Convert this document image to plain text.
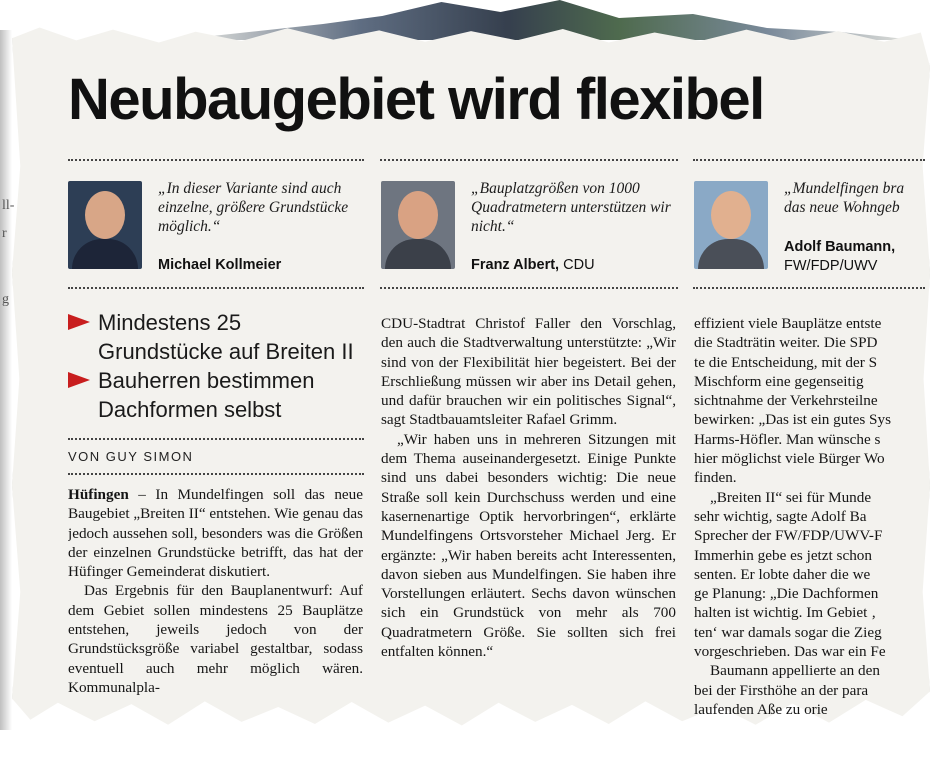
ll-
r
g
Neubaugebiet wird flexibel
„In dieser Variante sind auch einzelne, größere Grundstücke möglich.“
Michael Kollmeier
„Bauplatzgrößen von 1000 Quadratmetern unterstützen wir nicht.“
Franz Albert, CDU
„Mundelfingen bra das neue Wohngeb
Adolf Baumann,
FW/FDP/UWV
Mindestens 25 Grundstücke auf Breiten II
Bauherren bestimmen Dachformen selbst
VON GUY SIMON

Hüfingen – In Mundelfingen soll das neue Baugebiet „Breiten II“ entstehen. Wie genau das jedoch aussehen soll, besonders was die Größen der einzelnen Grundstücke betrifft, das hat der Hüfinger Gemeinderat diskutiert.

Das Ergebnis für den Bauplanentwurf: Auf dem Gebiet sollen mindestens 25 Bauplätze entstehen, jeweils jedoch von der Grundstücksgröße variabel gestaltbar, sodass eventuell auch mehr möglich wären. Kommunalpla-

CDU-Stadtrat Christof Faller den Vorschlag, den auch die Stadtverwaltung unterstützte: „Wir sind von der Flexibilität hier begeistert. Bei der Erschließung müssen wir aber ins Detail gehen, und dafür brauchen wir ein politisches Signal“, sagt Stadtbauamtsleiter Rafael Grimm.

„Wir haben uns in mehreren Sitzungen mit dem Thema auseinandergesetzt. Einige Punkte sind uns dabei besonders wichtig: Die neue Straße soll kein Durchschuss werden und eine kasernenartige Optik hervorbringen“, erklärte Mundelfingens Ortsvorsteher Michael Jerg. Er ergänzte: „Wir haben bereits acht Interessenten, davon sieben aus Mundelfingen. Sie haben ihre Vorstellungen erläutert. Sechs davon wünschen sich ein Grundstück von mehr als 700 Quadratmetern Größe. Sie sollten sich frei entfalten können.“

effizient viele Bauplätze entste
die Stadträtin weiter. Die SPD
te die Entscheidung, mit der S
Mischform eine gegenseitig
sichtnahme der Verkehrsteilne
bewirken: „Das ist ein gutes Sys
Harms-Höfler. Man wünsche s
hier möglichst viele Bürger Wo
finden.
„Breiten II“ sei für Munde
sehr wichtig, sagte Adolf Ba
Sprecher der FW/FDP/UWV-F
Immerhin gebe es jetzt schon
senten. Er lobte daher die we
ge Planung: „Die Dachformen
halten ist wichtig. Im Gebiet ‚
ten‘ war damals sogar die Zieg
vorgeschrieben. Das war ein Fe
Baumann appellierte an den
bei der Firsthöhe an der para
laufenden Aße zu orie
